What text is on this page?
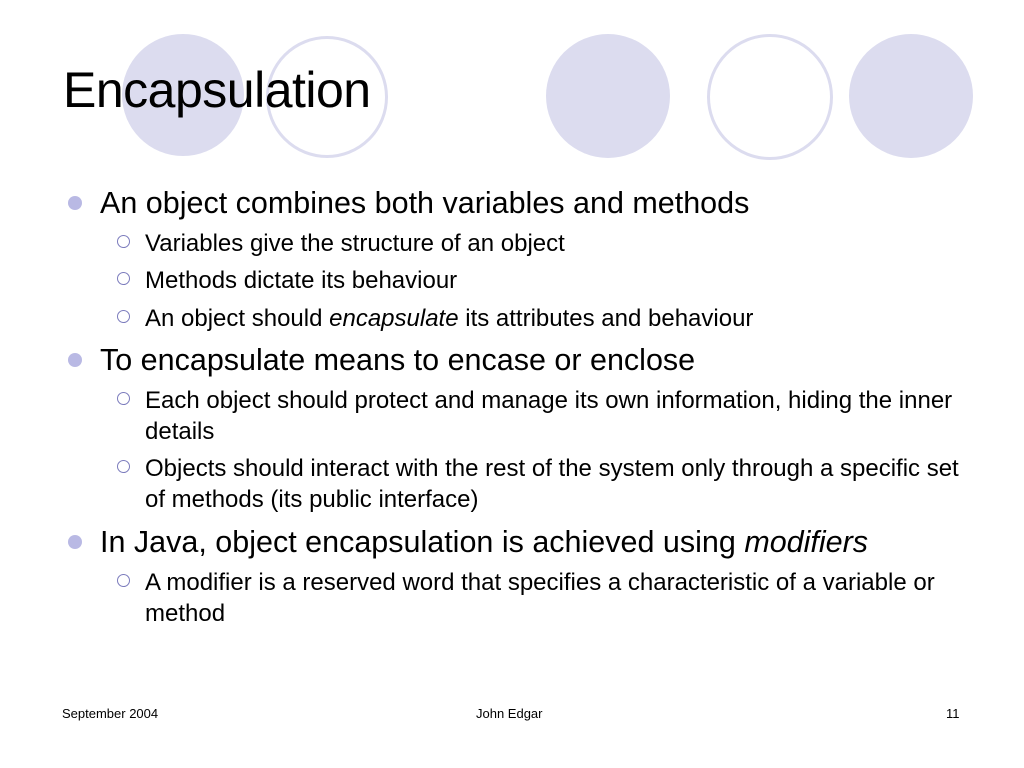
Encapsulation

An object combines both variables and methods

Variables give the structure of an object

Methods dictate its behaviour

An object should encapsulate its attributes and behaviour

To encapsulate means to encase or enclose

Each object should protect and manage its own information, hiding the inner details

Objects should interact with the rest of the system only through a specific set of methods (its public interface)

In Java, object encapsulation is achieved using modifiers

A modifier is a reserved word that specifies a characteristic of a variable or method

September 2004	John Edgar	11
